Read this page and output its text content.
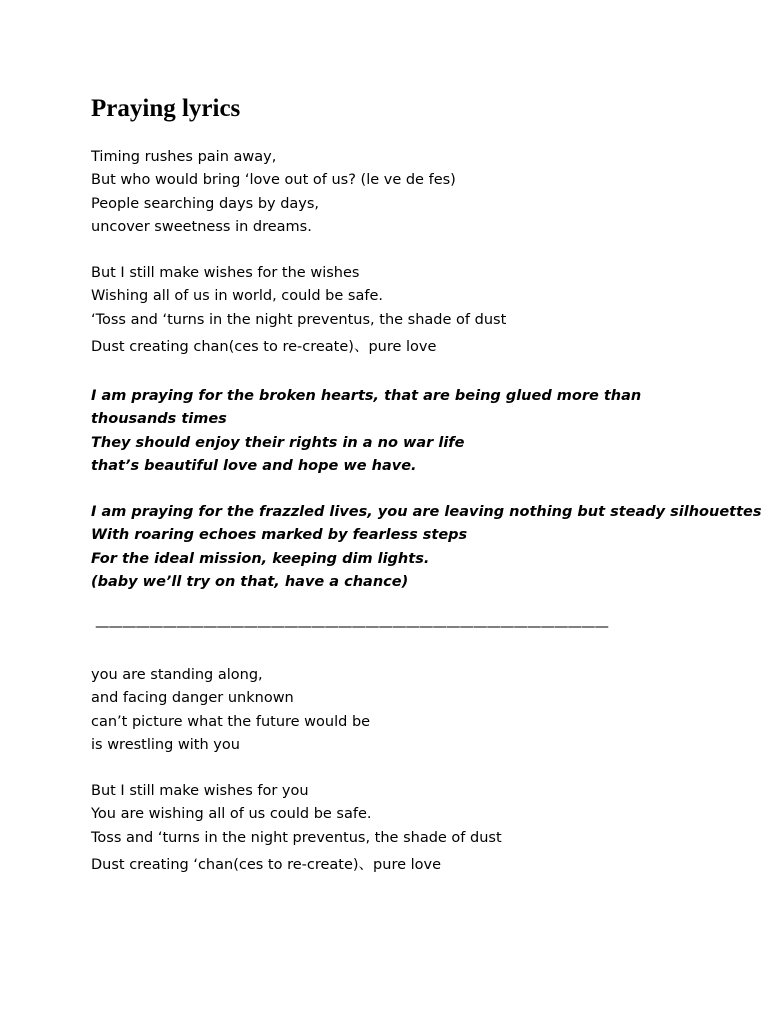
Praying lyrics
Timing rushes pain away,
But who would bring ‘love out of us? (le ve de fes)
People searching days by days,
uncover sweetness in dreams.
But I still make wishes for the wishes
Wishing all of us in world, could be safe.
‘Toss and ‘turns in the night preventus, the shade of dust
Dust creating chan(ces to re-create)、pure love
I am praying for the broken hearts, that are being glued more than thousands times
They should enjoy their rights in a no war life
that’s beautiful love and hope we have.
I am praying for the frazzled lives, you are leaving nothing but steady silhouettes
With roaring echoes marked by fearless steps
For the ideal mission, keeping dim lights.
(baby we’ll try on that, have a chance)
——————————————————————————————————————
you are standing along,
and facing danger unknown
can’t picture what the future would be
is wrestling with you
But I still make wishes for you
You are wishing all of us could be safe.
Toss and ‘turns in the night preventus, the shade of dust
Dust creating ‘chan(ces to re-create)、pure love
